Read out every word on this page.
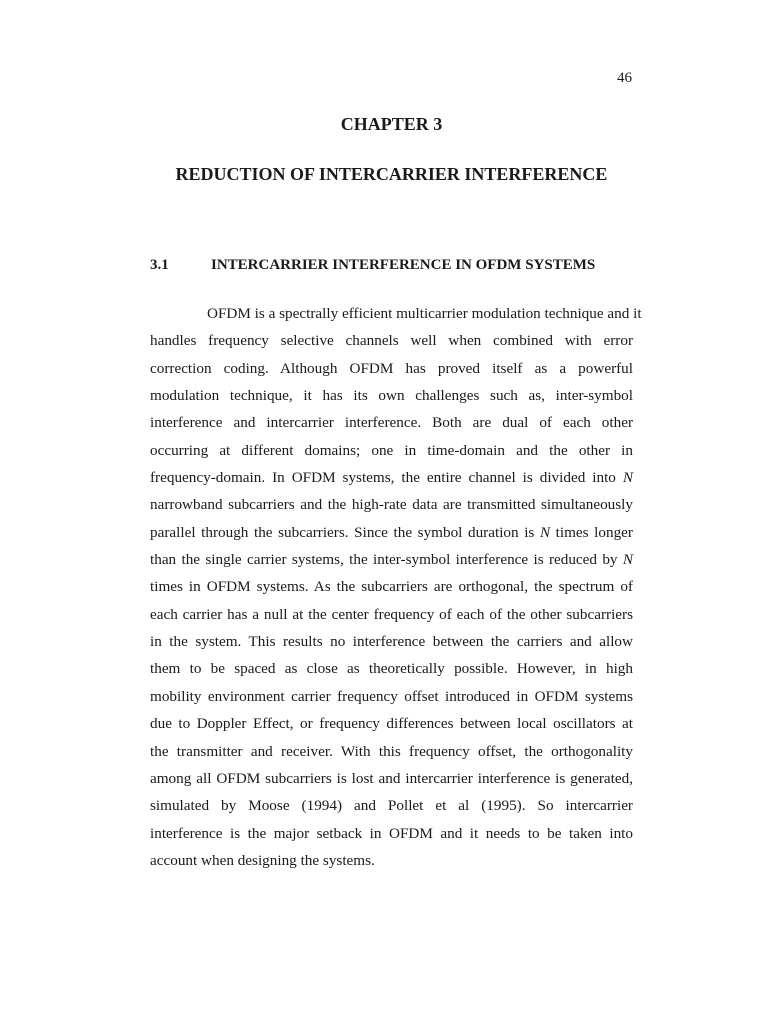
46
CHAPTER 3
REDUCTION OF INTERCARRIER INTERFERENCE
3.1	INTERCARRIER INTERFERENCE IN OFDM SYSTEMS
OFDM is a spectrally efficient multicarrier modulation technique and it
handles frequency selective channels well when combined with error
correction coding. Although OFDM has proved itself as a powerful
modulation technique, it has its own challenges such as, inter-symbol
interference and intercarrier interference. Both are dual of each other
occurring at different domains; one in time-domain and the other in
frequency-domain. In OFDM systems, the entire channel is divided into N
narrowband subcarriers and the high-rate data are transmitted simultaneously
parallel through the subcarriers. Since the symbol duration is N times longer
than the single carrier systems, the inter-symbol interference is reduced by N
times in OFDM systems. As the subcarriers are orthogonal, the spectrum of
each carrier has a null at the center frequency of each of the other subcarriers
in the system. This results no interference between the carriers and allow
them to be spaced as close as theoretically possible. However, in high
mobility environment carrier frequency offset introduced in OFDM systems
due to Doppler Effect, or frequency differences between local oscillators at
the transmitter and receiver. With this frequency offset, the orthogonality
among all OFDM subcarriers is lost and intercarrier interference is generated,
simulated by Moose (1994) and Pollet et al (1995). So intercarrier
interference is the major setback in OFDM and it needs to be taken into
account when designing the systems.
